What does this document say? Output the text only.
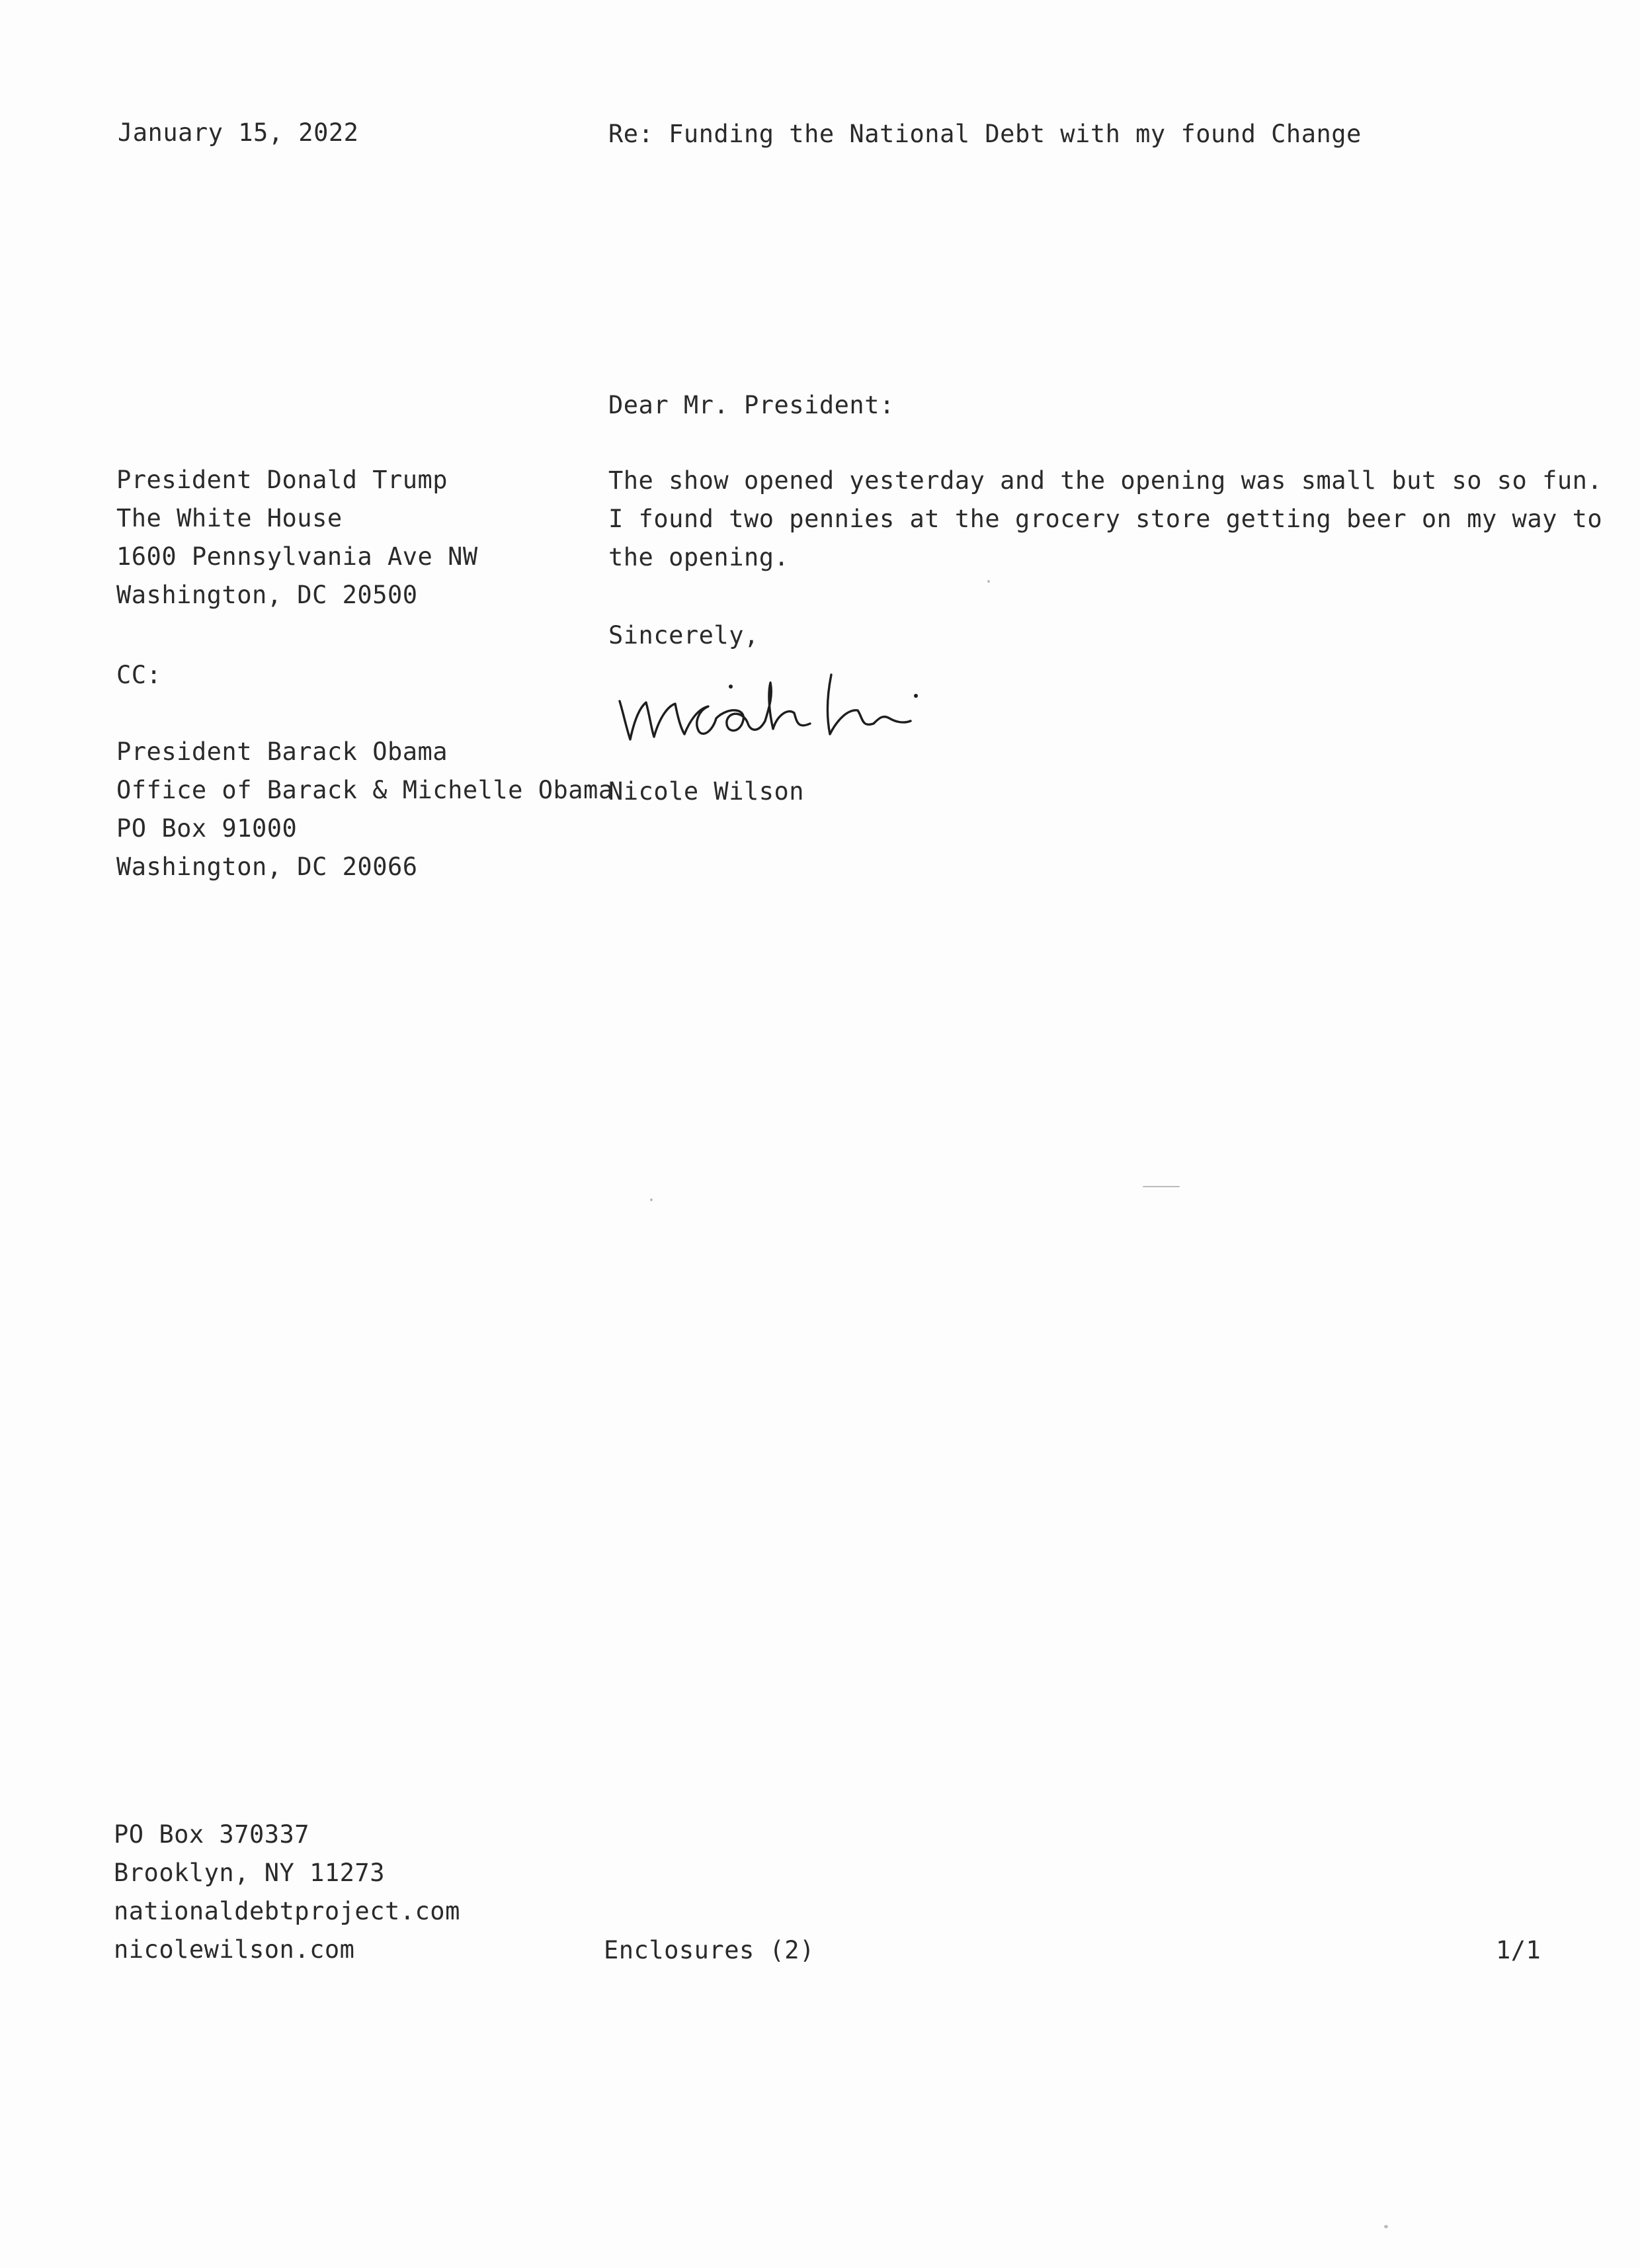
January 15, 2022	Re: Funding the National Debt with my found Change
Dear Mr. President:
President Donald Trump
The White House
1600 Pennsylvania Ave NW
Washington, DC 20500
CC:
President Barack Obama
Office of Barack & Michelle Obama
PO Box 91000
Washington, DC 20066
The show opened yesterday and the opening was small but so so fun.
I found two pennies at the grocery store getting beer on my way to
the opening.
Sincerely,
Nicole Wilson
PO Box 370337
Brooklyn, NY 11273
nationaldebtproject.com
nicolewilson.com	Enclosures (2)	1/1
